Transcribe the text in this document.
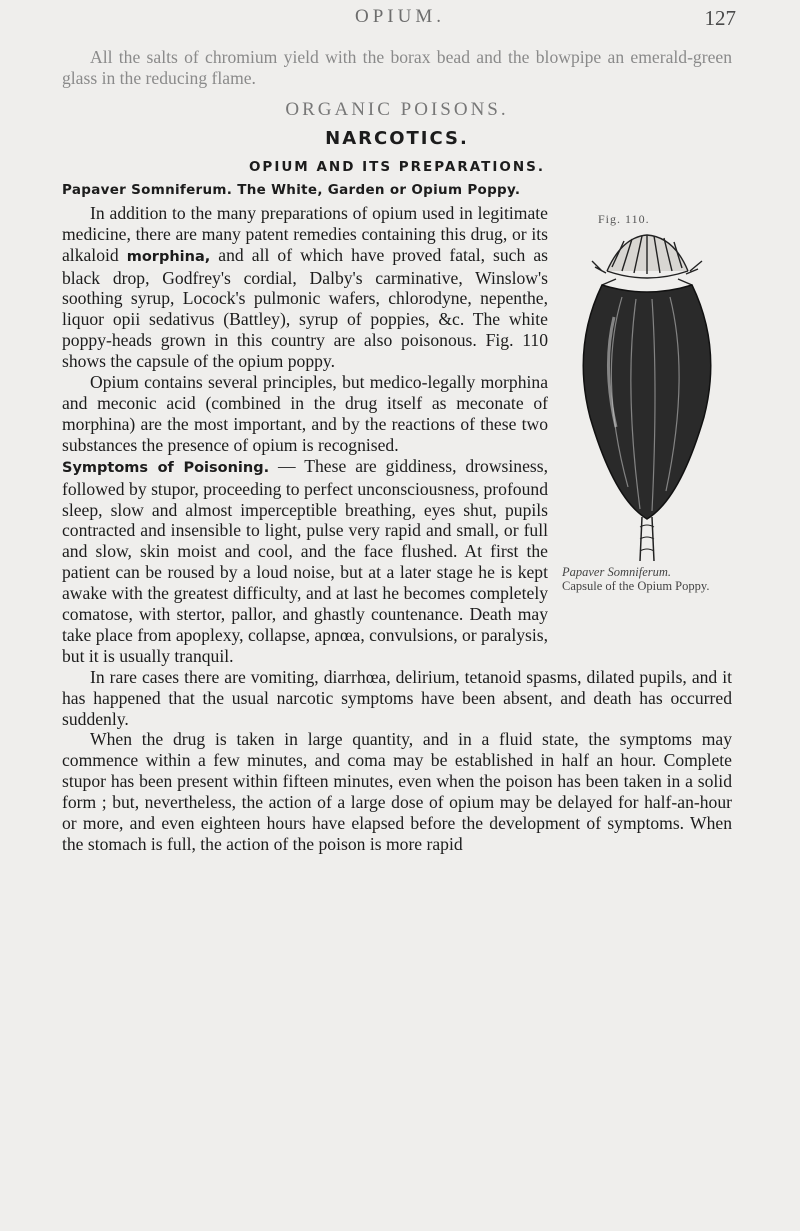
OPIUM.	127

All the salts of chromium yield with the borax bead and the blowpipe an emerald-green glass in the reducing flame.

ORGANIC POISONS.
NARCOTICS.
OPIUM AND ITS PREPARATIONS.
Papaver Somniferum. The White, Garden or Opium Poppy.
Fig. 110.
Papaver Somniferum.
Capsule of the Opium Poppy.

In addition to the many preparations of opium used in legitimate medicine, there are many patent remedies containing this drug, or its alkaloid morphina, and all of which have proved fatal, such as black drop, Godfrey's cordial, Dalby's carminative, Winslow's soothing syrup, Locock's pulmonic wafers, chlorodyne, nepenthe, liquor opii sedativus (Battley), syrup of poppies, &c. The white poppy-heads grown in this country are also poisonous. Fig. 110 shows the capsule of the opium poppy.

Opium contains several principles, but medico-legally morphina and meconic acid (combined in the drug itself as meconate of morphina) are the most important, and by the reactions of these two substances the presence of opium is recognised.

Symptoms of Poisoning. — These are giddiness, drowsiness, followed by stupor, proceeding to perfect unconsciousness, profound sleep, slow and almost imperceptible breathing, eyes shut, pupils contracted and insensible to light, pulse very rapid and small, or full and slow, skin moist and cool, and the face flushed. At first the patient can be roused by a loud noise, but at a later stage he is kept awake with the greatest difficulty, and at last he becomes completely comatose, with stertor, pallor, and ghastly countenance. Death may take place from apoplexy, collapse, apnœa, convulsions, or paralysis, but it is usually tranquil.

In rare cases there are vomiting, diarrhœa, delirium, tetanoid spasms, dilated pupils, and it has happened that the usual narcotic symptoms have been absent, and death has occurred suddenly.

When the drug is taken in large quantity, and in a fluid state, the symptoms may commence within a few minutes, and coma may be established in half an hour. Complete stupor has been present within fifteen minutes, even when the poison has been taken in a solid form ; but, nevertheless, the action of a large dose of opium may be delayed for half-an-hour or more, and even eighteen hours have elapsed before the development of symptoms. When the stomach is full, the action of the poison is more rapid
